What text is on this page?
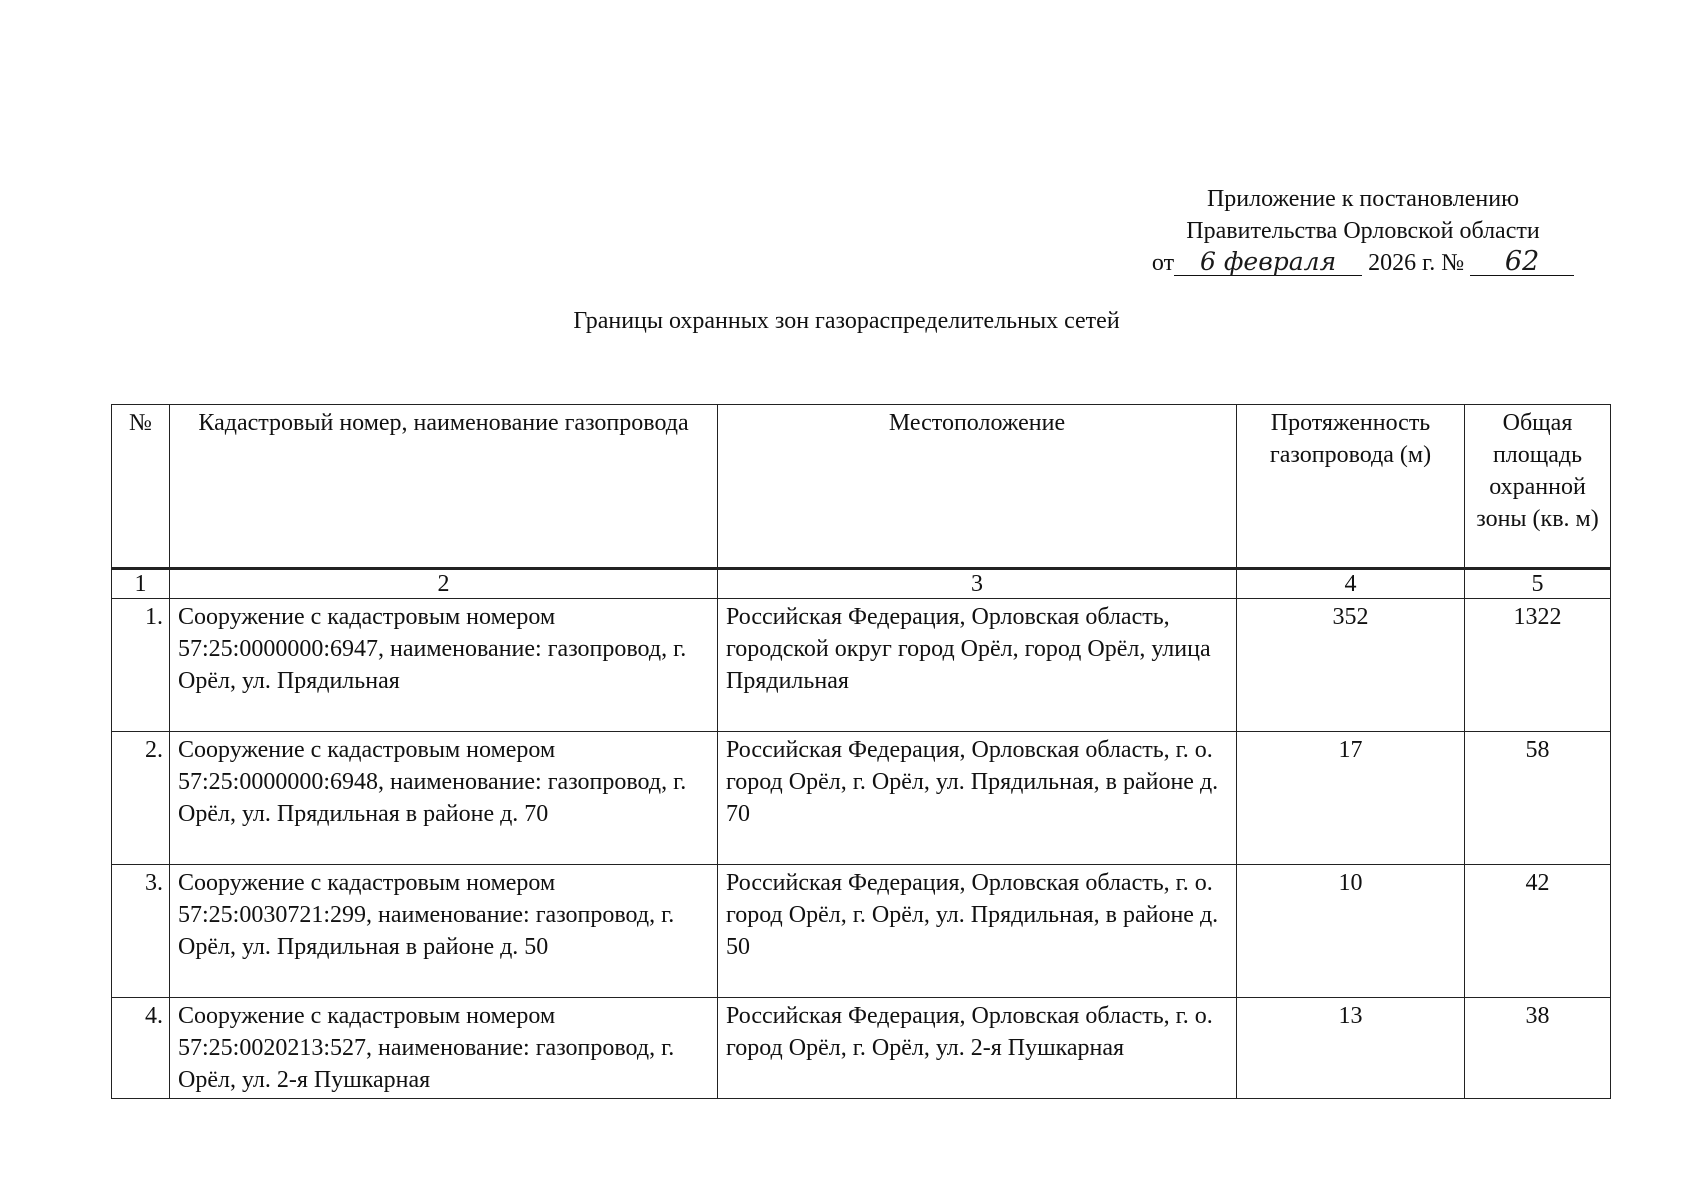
Приложение к постановлению
Правительства Орловской области
от 6 февраля 2026 г. № 62
Границы охранных зон газораспределительных сетей
№	Кадастровый номер, наименование газопровода	Местоположение	Протяженность газопровода (м)	Общая площадь охранной зоны (кв. м)
1	2	3	4	5
1.	Сооружение с кадастровым номером 57:25:0000000:6947, наименование: газопровод, г. Орёл, ул. Прядильная	Российская Федерация, Орловская область, городской округ город Орёл, город Орёл, улица Прядильная	352	1322
2.	Сооружение с кадастровым номером 57:25:0000000:6948, наименование: газопровод, г. Орёл, ул. Прядильная в районе д. 70	Российская Федерация, Орловская область, г. о. город Орёл, г. Орёл, ул. Прядильная, в районе д. 70	17	58
3.	Сооружение с кадастровым номером 57:25:0030721:299, наименование: газопровод, г. Орёл, ул. Прядильная в районе д. 50	Российская Федерация, Орловская область, г. о. город Орёл, г. Орёл, ул. Прядильная, в районе д. 50	10	42
4.	Сооружение с кадастровым номером 57:25:0020213:527, наименование: газопровод, г. Орёл, ул. 2-я Пушкарная	Российская Федерация, Орловская область, г. о. город Орёл, г. Орёл, ул. 2-я Пушкарная	13	38
